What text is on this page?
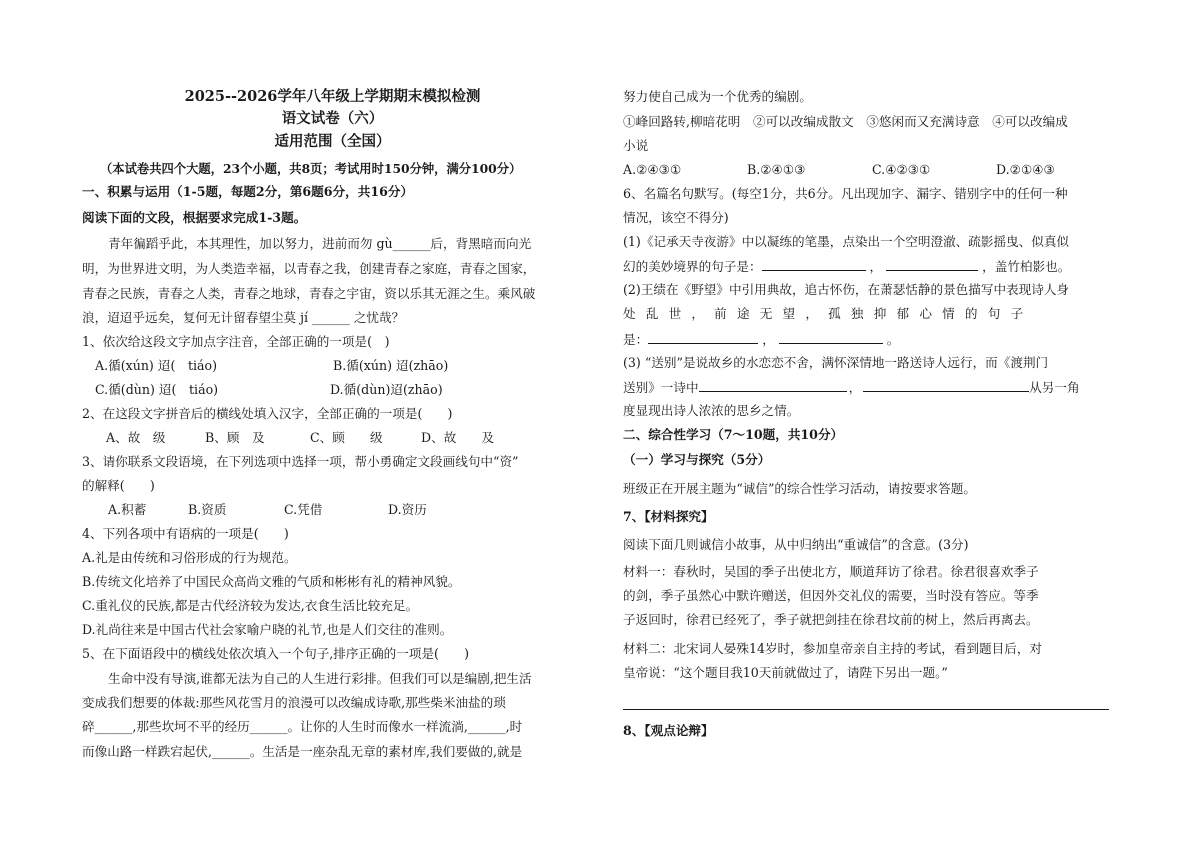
2025--2026学年八年级上学期期末模拟检测
语文试卷（六）
适用范围（全国）
（本试卷共四个大题，23个小题，共8页；考试用时150分钟，满分100分）
一、积累与运用（1-5题，每题2分，第6题6分，共16分）
阅读下面的文段，根据要求完成1-3题。
青年徧蹈乎此，本其理性，加以努力，进前而勿 gù______后，背黑暗而向光
明，为世界进文明，为人类造幸福，以青春之我，创建青春之家庭，青春之国家，
青春之民族，青春之人类，青春之地球，青春之宇宙，资以乐其无涯之生。乘风破
浪，迢迢乎远矣，复何无计留春望尘莫 jí ______ 之忧哉？
1、依次给这段文字加点字注音，全部正确的一项是(　)
A.循(xún) 迢(　tiáo)	B.循(xún) 迢(zhāo)
C.循(dùn) 迢(　tiáo)	D.循(dùn)迢(zhāo)
2、在这段文字拼音后的横线处填入汉字，全部正确的一项是(　　)
A、故　级	B、顾　及	C、顾　　级	D、故　　及
3、请你联系文段语境，在下列选项中选择一项，帮小勇确定文段画线句中“资”
的解释(　　)
A.积蓄	B.资质	C.凭借	D.资历
4、下列各项中有语病的一项是(　　)
A.礼是由传统和习俗形成的行为规范。
B.传统文化培养了中国民众高尚文雅的气质和彬彬有礼的精神风貌。
C.重礼仪的民族,都是古代经济较为发达,衣食生活比较充足。
D.礼尚往来是中国古代社会家喻户晓的礼节,也是人们交往的准则。
5、在下面语段中的横线处依次填入一个句子,排序正确的一项是(　　)
生命中没有导演,谁都无法为自己的人生进行彩排。但我们可以是编剧,把生活
变成我们想要的体裁:那些风花雪月的浪漫可以改编成诗歌,那些柴米油盐的琐
碎______,那些坎坷不平的经历______。让你的人生时而像水一样流淌,______,时
而像山路一样跌宕起伏,______。生活是一座杂乱无章的素材库,我们要做的,就是
努力使自己成为一个优秀的编剧。
①峰回路转,柳暗花明　②可以改编成散文　③悠闲而又充满诗意　④可以改编成
小说
A.②④③①	B.②④①③	C.④②③①	D.②①④③
6、名篇名句默写。(每空1分，共6分。凡出现加字、漏字、错别字中的任何一种
情况，该空不得分)
(1)《记承天寺夜游》中以凝练的笔墨，点染出一个空明澄澈、疏影摇曳、似真似
幻的美妙境界的句子是：	，	，盖竹柏影也。
(2)王绩在《野望》中引用典故，追古怀伤，在萧瑟恬静的景色描写中表现诗人身
处乱世，前途无望，孤独抑郁心情的句子
是：	，	。
(3) “送别”是说故乡的水恋恋不舍，满怀深情地一路送诗人远行，而《渡荆门
送别》一诗中	，	从另一角
度显现出诗人浓浓的思乡之情。
二、综合性学习（7～10题，共10分）
（一）学习与探究（5分）
班级正在开展主题为“诚信”的综合性学习活动，请按要求答题。
7、【材料探究】
阅读下面几则诚信小故事，从中归纳出“重诚信”的含意。(3分)
材料一：春秋时，吴国的季子出使北方，顺道拜访了徐君。徐君很喜欢季子
的剑，季子虽然心中默许赠送，但因外交礼仪的需要，当时没有答应。等季
子返回时，徐君已经死了，季子就把剑挂在徐君坟前的树上，然后再离去。
材料二：北宋词人晏殊14岁时，参加皇帝亲自主持的考试，看到题目后，对
皇帝说：“这个题目我10天前就做过了，请陛下另出一题。”
8、【观点论辩】
